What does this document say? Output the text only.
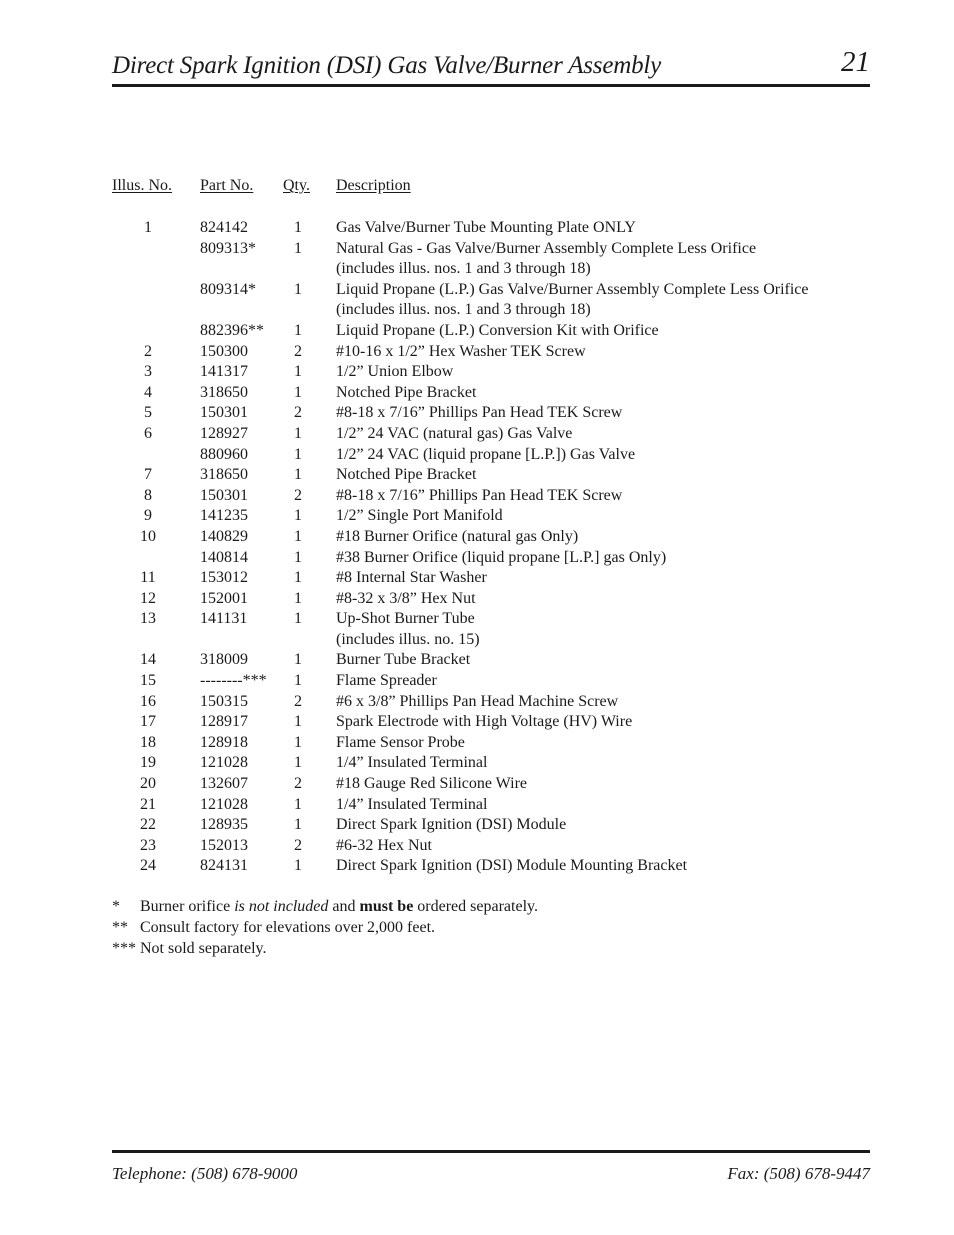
Direct Spark Ignition (DSI) Gas Valve/Burner Assembly	21
Illus. No. Part No. Qty. Description
1	824142	1	Gas Valve/Burner Tube Mounting Plate ONLY
809313*	1	Natural Gas - Gas Valve/Burner Assembly Complete Less Orifice
(includes illus. nos. 1 and 3 through 18)
809314*	1	Liquid Propane (L.P.) Gas Valve/Burner Assembly Complete Less Orifice
(includes illus. nos. 1 and 3 through 18)
882396**	1	Liquid Propane (L.P.) Conversion Kit with Orifice
2	150300	2	#10-16 x 1/2” Hex Washer TEK Screw
3	141317	1	1/2” Union Elbow
4	318650	1	Notched Pipe Bracket
5	150301	2	#8-18 x 7/16” Phillips Pan Head TEK Screw
6	128927	1	1/2” 24 VAC (natural gas) Gas Valve
880960	1	1/2” 24 VAC (liquid propane [L.P.]) Gas Valve
7	318650	1	Notched Pipe Bracket
8	150301	2	#8-18 x 7/16” Phillips Pan Head TEK Screw
9	141235	1	1/2” Single Port Manifold
10	140829	1	#18 Burner Orifice (natural gas Only)
140814	1	#38 Burner Orifice (liquid propane [L.P.] gas Only)
11	153012	1	#8 Internal Star Washer
12	152001	1	#8-32 x 3/8” Hex Nut
13	141131	1	Up-Shot Burner Tube
(includes illus. no. 15)
14	318009	1	Burner Tube Bracket
15	--------***	1	Flame Spreader
16	150315	2	#6 x 3/8” Phillips Pan Head Machine Screw
17	128917	1	Spark Electrode with High Voltage (HV) Wire
18	128918	1	Flame Sensor Probe
19	121028	1	1/4” Insulated Terminal
20	132607	2	#18 Gauge Red Silicone Wire
21	121028	1	1/4” Insulated Terminal
22	128935	1	Direct Spark Ignition (DSI) Module
23	152013	2	#6-32 Hex Nut
24	824131	1	Direct Spark Ignition (DSI) Module Mounting Bracket
* Burner orifice is not included and must be ordered separately.
** Consult factory for elevations over 2,000 feet.
*** Not sold separately.
Telephone: (508) 678-9000	Fax: (508) 678-9447
